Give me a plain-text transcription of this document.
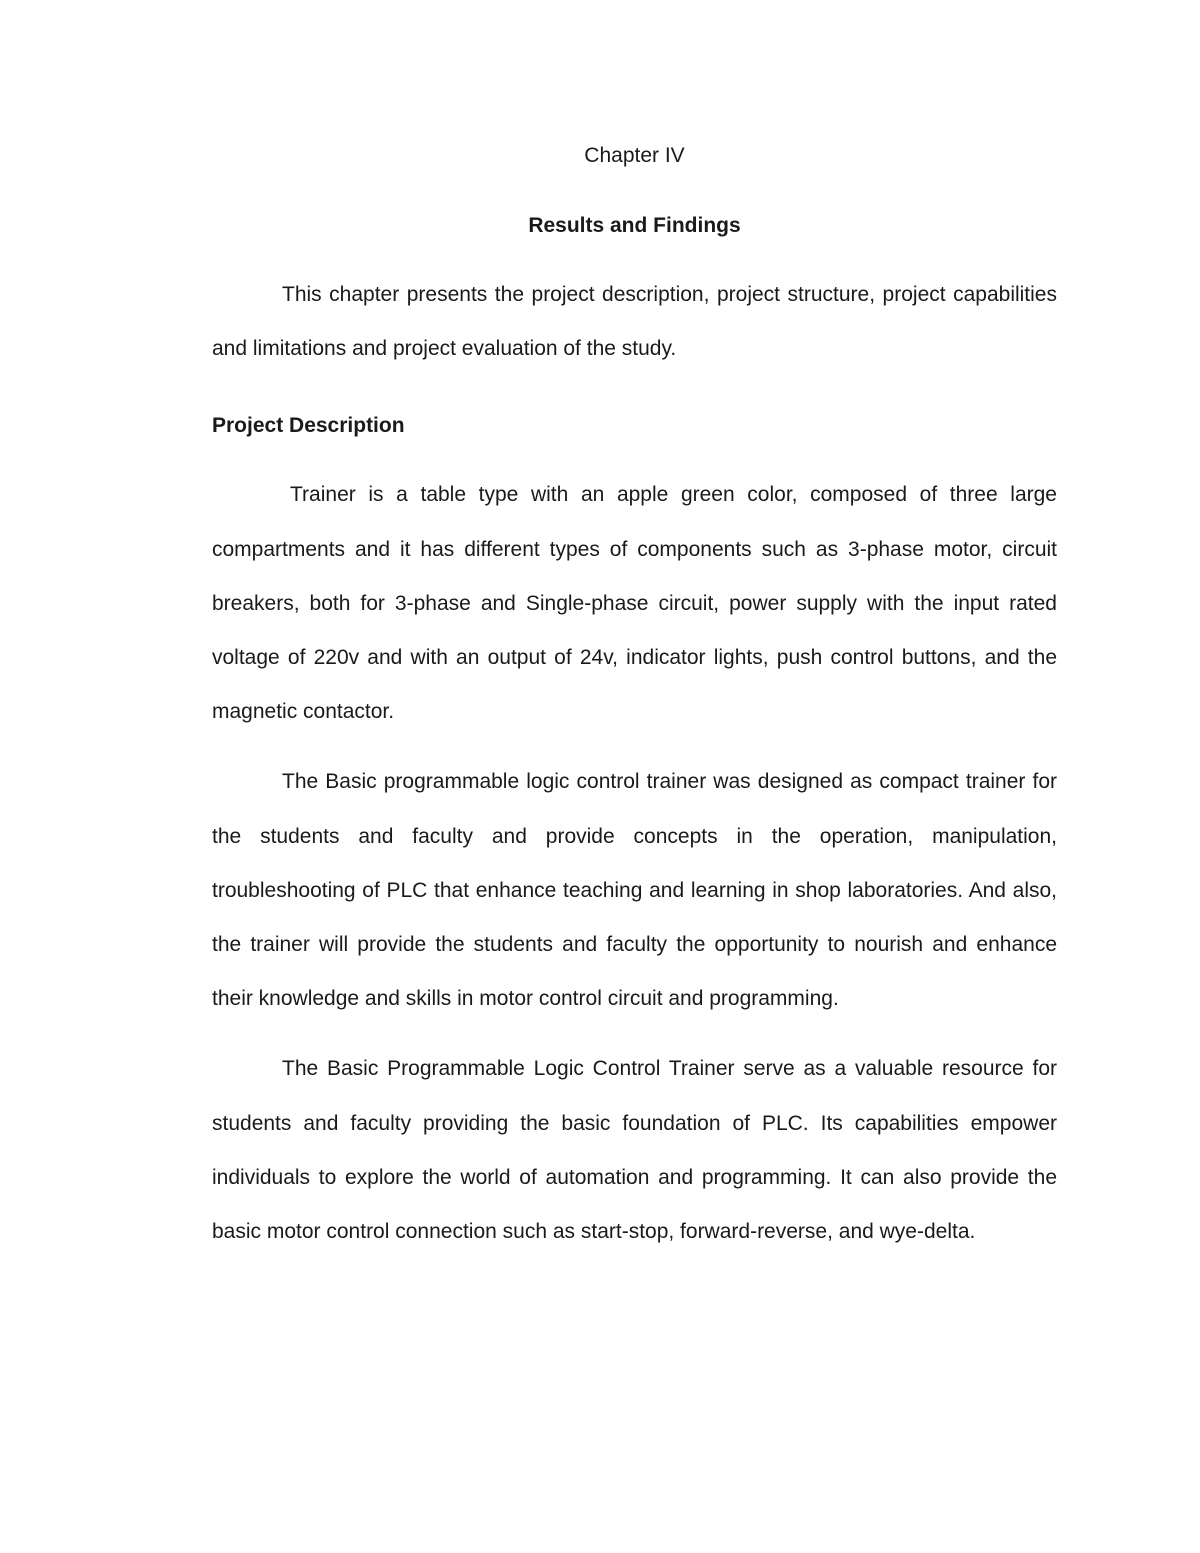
Chapter IV

Results and Findings

This chapter presents the project description, project structure, project capabilities and limitations and project evaluation of the study.

Project Description

Trainer is a table type with an apple green color, composed of three large compartments and it has different types of components such as 3-phase motor, circuit breakers, both for 3-phase and Single-phase circuit, power supply with the input rated voltage of 220v and with an output of 24v, indicator lights, push control buttons, and the magnetic contactor.

The Basic programmable logic control trainer was designed as compact trainer for the students and faculty and provide concepts in the operation, manipulation, troubleshooting of PLC that enhance teaching and learning in shop laboratories. And also, the trainer will provide the students and faculty the opportunity to nourish and enhance their knowledge and skills in motor control circuit and programming.

The Basic Programmable Logic Control Trainer serve as a valuable resource for students and faculty providing the basic foundation of PLC. Its capabilities empower individuals to explore the world of automation and programming. It can also provide the basic motor control connection such as start-stop, forward-reverse, and wye-delta.
